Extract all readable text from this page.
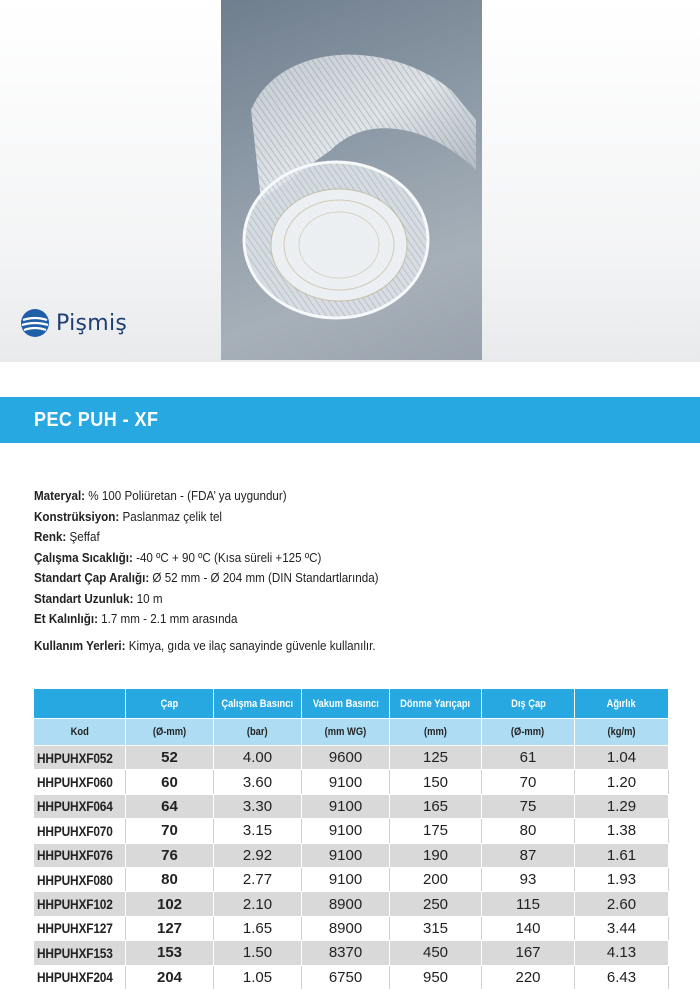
Pişmiş
PEC PUH - XF
Materyal: % 100 Poliüretan - (FDA’ ya uygundur)
Konstrüksiyon: Paslanmaz çelik tel
Renk: Şeffaf
Çalışma Sıcaklığı: -40 ºC + 90 ºC (Kısa süreli +125 ºC)
Standart Çap Aralığı: Ø 52 mm - Ø 204 mm (DIN Standartlarında)
Standart Uzunluk: 10 m
Et Kalınlığı: 1.7 mm - 2.1 mm arasında
Kullanım Yerleri: Kimya, gıda ve ilaç sanayinde güvenle kullanılır.
	Çap	Çalışma Basıncı	Vakum Basıncı	Dönme Yarıçapı	Dış Çap	Ağırlık
Kod	(Ø-mm)	(bar)	(mm WG)	(mm)	(Ø-mm)	(kg/m)
HHPUHXF052	52	4.00	9600	125	61	1.04
HHPUHXF060	60	3.60	9100	150	70	1.20
HHPUHXF064	64	3.30	9100	165	75	1.29
HHPUHXF070	70	3.15	9100	175	80	1.38
HHPUHXF076	76	2.92	9100	190	87	1.61
HHPUHXF080	80	2.77	9100	200	93	1.93
HHPUHXF102	102	2.10	8900	250	115	2.60
HHPUHXF127	127	1.65	8900	315	140	3.44
HHPUHXF153	153	1.50	8370	450	167	4.13
HHPUHXF204	204	1.05	6750	950	220	6.43
